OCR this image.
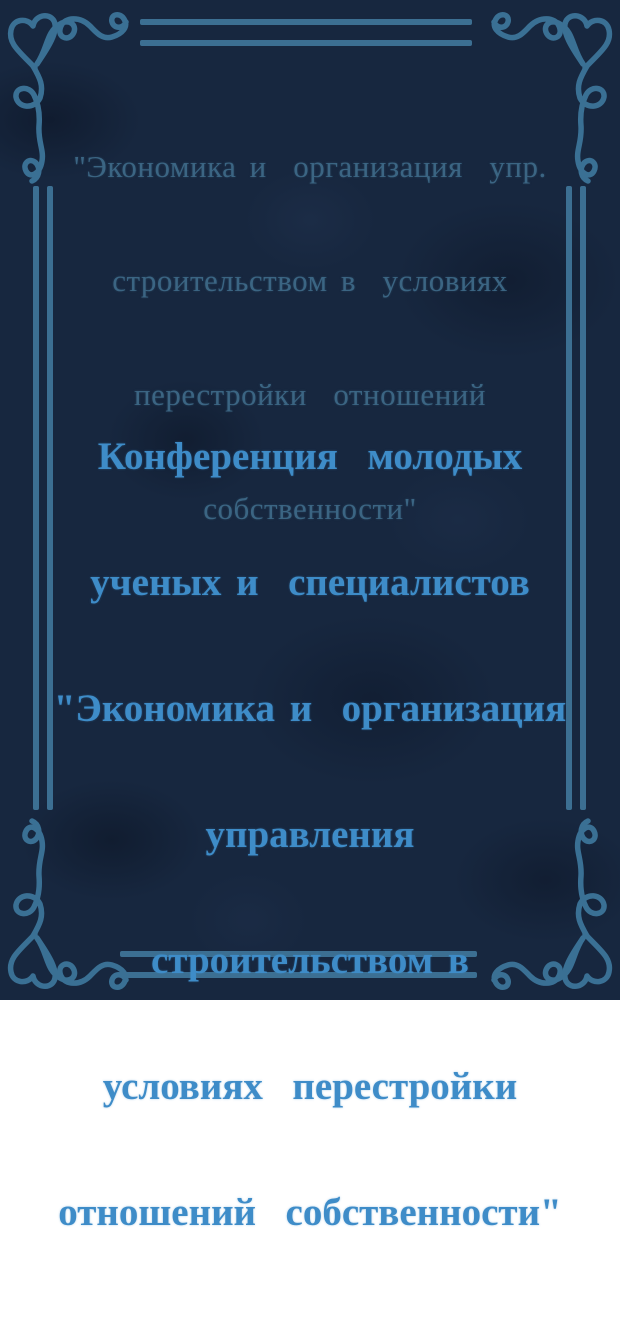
"Экономика и  организация  упр.

строительством в  условиях

перестройки  отношений

собственности"

Конференция  молодых

ученых и  специалистов

"Экономика и  организация

управления

строительством в

условиях  перестройки

отношений  собственности"
